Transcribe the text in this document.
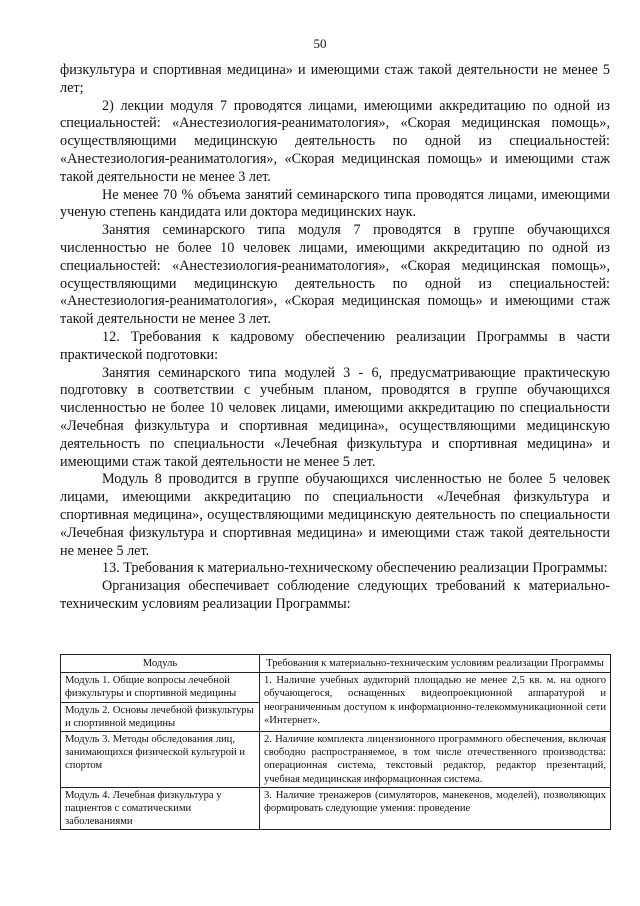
50

физкультура и спортивная медицина» и имеющими стаж такой деятельности не менее 5 лет;

2) лекции модуля 7 проводятся лицами, имеющими аккредитацию по одной из специальностей: «Анестезиология-реаниматология», «Скорая медицинская помощь», осуществляющими медицинскую деятельность по одной из специальностей: «Анестезиология-реаниматология», «Скорая медицинская помощь» и имеющими стаж такой деятельности не менее 3 лет.

Не менее 70 % объема занятий семинарского типа проводятся лицами, имеющими ученую степень кандидата или доктора медицинских наук.

Занятия семинарского типа модуля 7 проводятся в группе обучающихся численностью не более 10 человек лицами, имеющими аккредитацию по одной из специальностей: «Анестезиология-реаниматология», «Скорая медицинская помощь», осуществляющими медицинскую деятельность по одной из специальностей: «Анестезиология-реаниматология», «Скорая медицинская помощь» и имеющими стаж такой деятельности не менее 3 лет.

12. Требования к кадровому обеспечению реализации Программы в части практической подготовки:

Занятия семинарского типа модулей 3 - 6, предусматривающие практическую подготовку в соответствии с учебным планом, проводятся в группе обучающихся численностью не более 10 человек лицами, имеющими аккредитацию по специальности «Лечебная физкультура и спортивная медицина», осуществляющими медицинскую деятельность по специальности «Лечебная физкультура и спортивная медицина» и имеющими стаж такой деятельности не менее 5 лет.

Модуль 8 проводится в группе обучающихся численностью не более 5 человек лицами, имеющими аккредитацию по специальности «Лечебная физкультура и спортивная медицина», осуществляющими медицинскую деятельность по специальности «Лечебная физкультура и спортивная медицина» и имеющими стаж такой деятельности не менее 5 лет.

13. Требования к материально-техническому обеспечению реализации Программы:

Организация обеспечивает соблюдение следующих требований к материально-техническим условиям реализации Программы:

Модуль	Требования к материально-техническим условиям реализации Программы
Модуль 1. Общие вопросы лечебной физкультуры и спортивной медицины	1. Наличие учебных аудиторий площадью не менее 2,5 кв. м. на одного обучающегося, оснащенных видеопроекционной аппаратурой и неограниченным доступом к информационно-телекоммуникационной сети «Интернет».
Модуль 2. Основы лечебной физкультуры и спортивной медицины	
Модуль 3. Методы обследования лиц, занимающихся физической культурой и спортом	2. Наличие комплекта лицензионного программного обеспечения, включая свободно распространяемое, в том числе отечественного производства: операционная система, текстовый редактор, редактор презентаций, учебная медицинская информационная система.
Модуль 4. Лечебная физкультура у пациентов с соматическими заболеваниями	3. Наличие тренажеров (симуляторов, манекенов, моделей), позволяющих формировать следующие умения: проведение
